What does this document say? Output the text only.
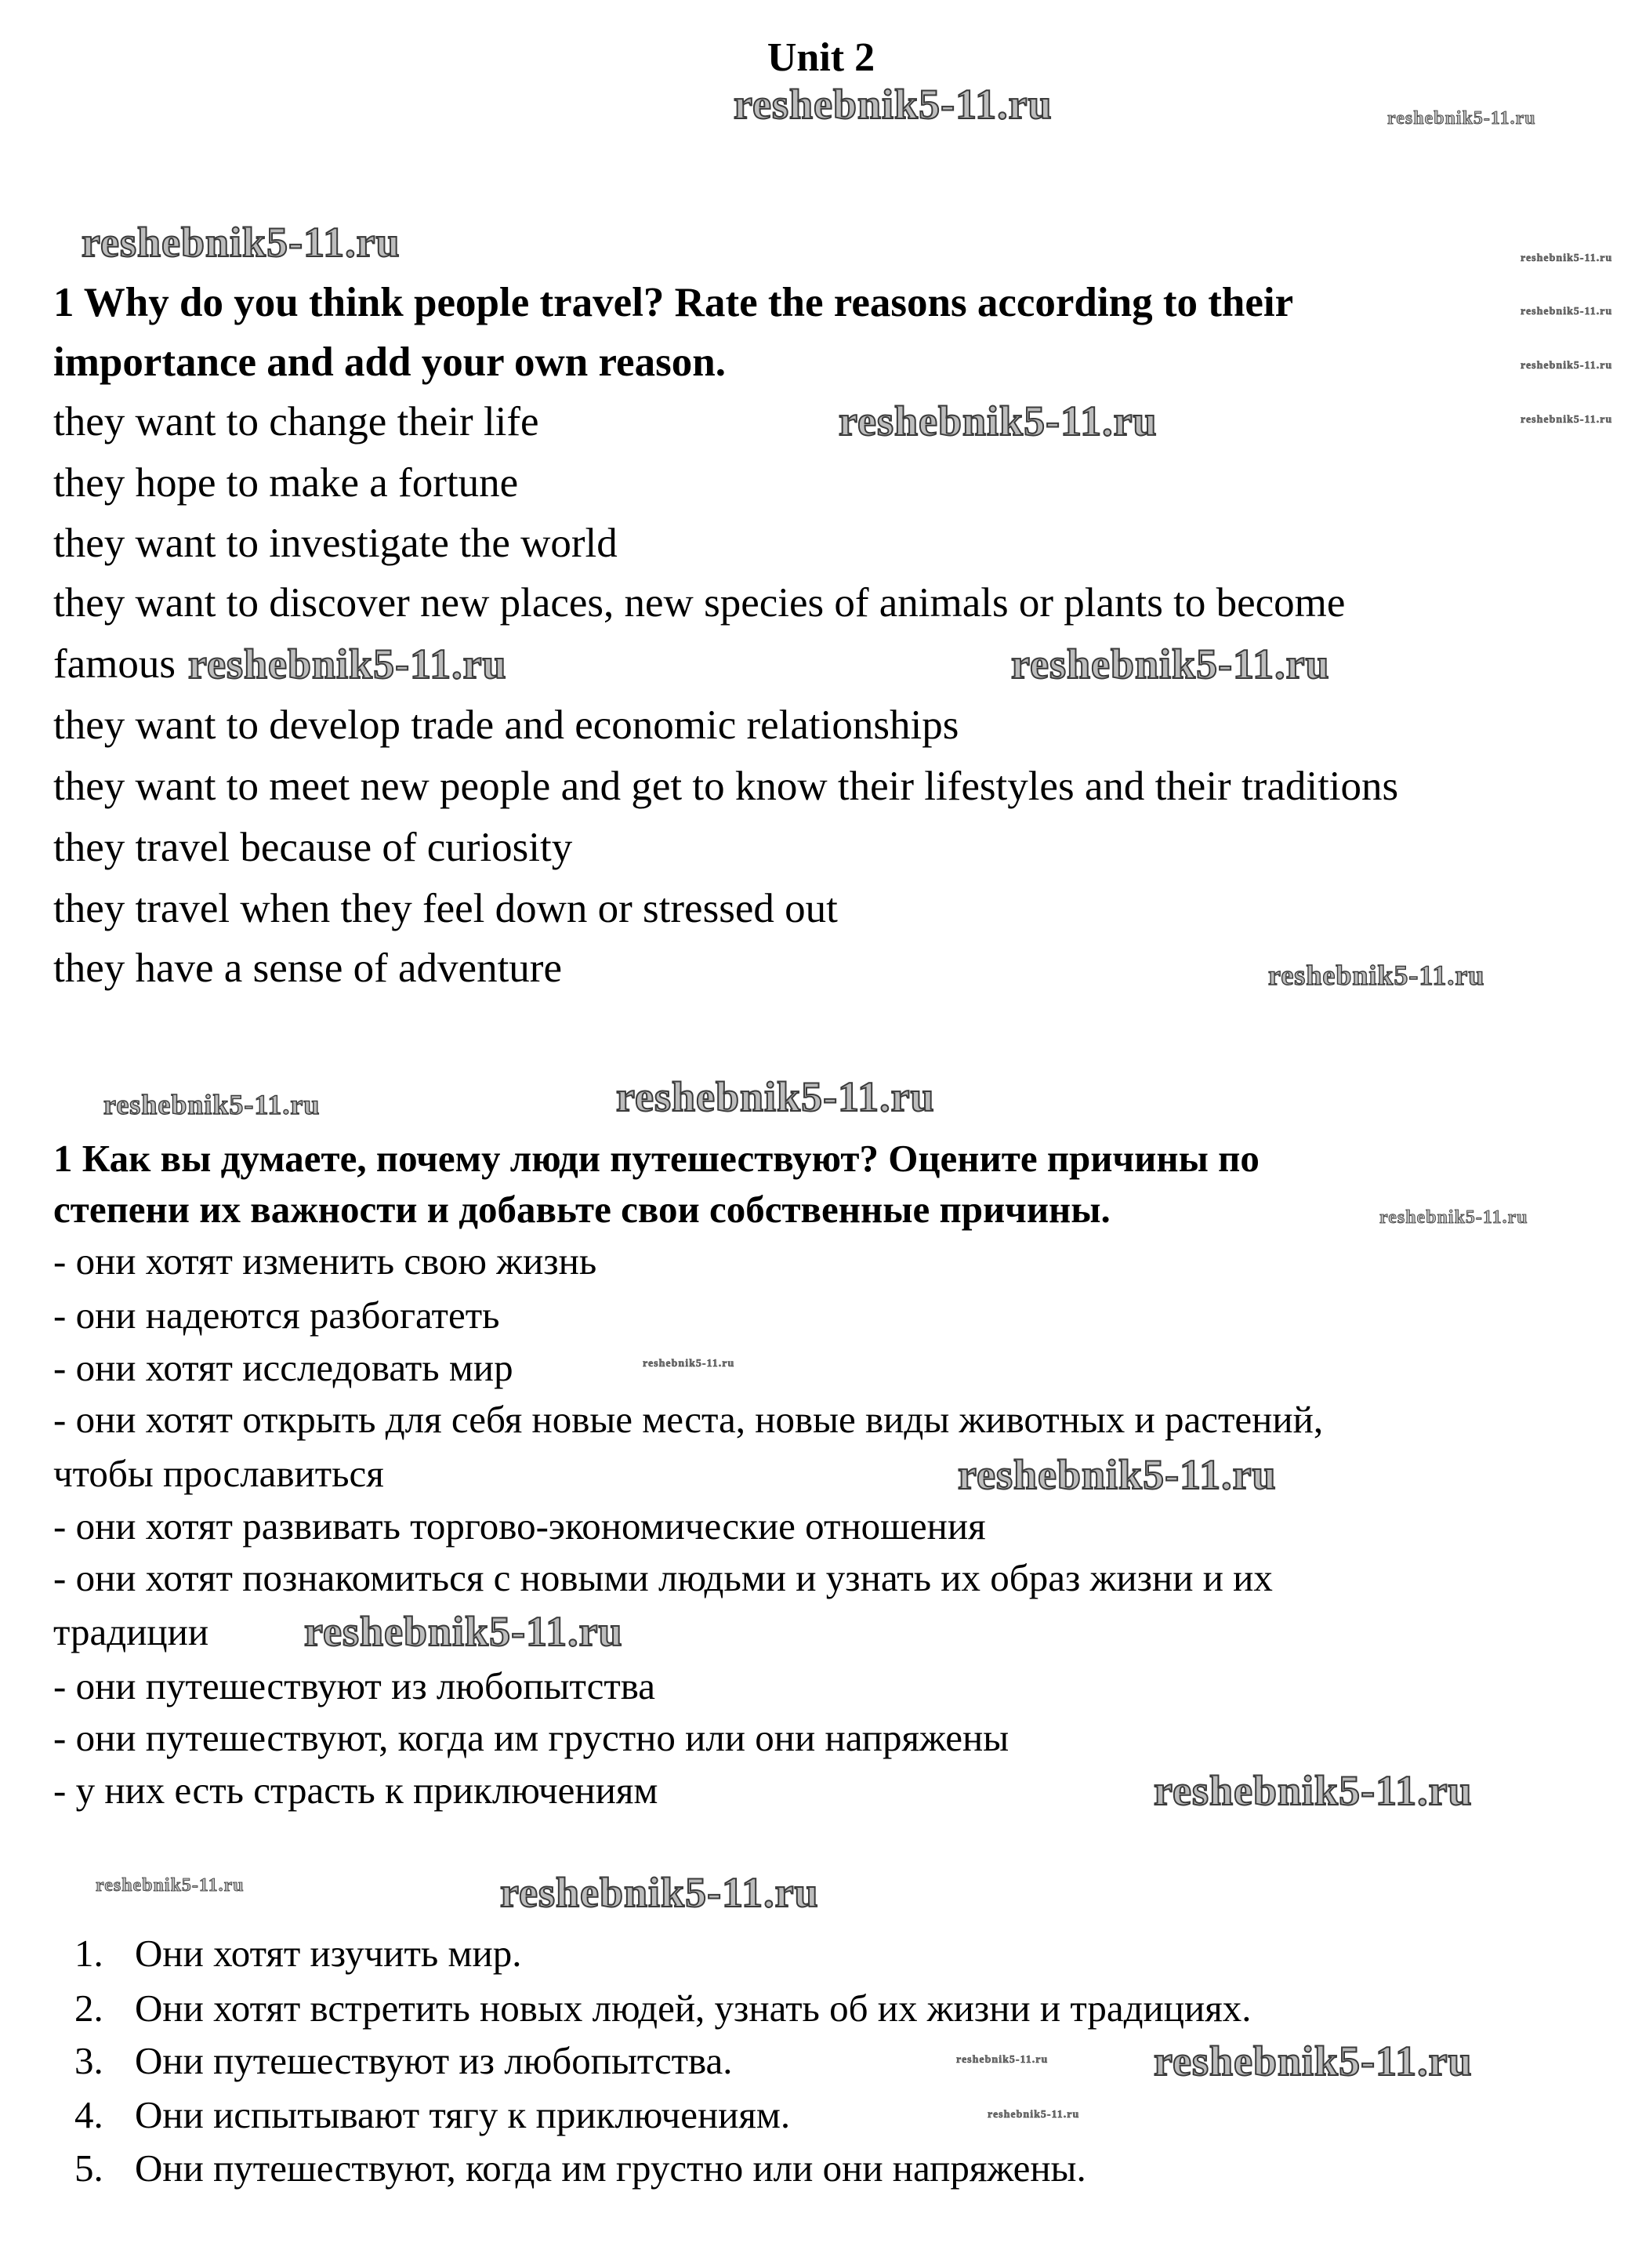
reshebnik5-11.ru	reshebnik5-11.ru
reshebnik5-11.ru	reshebnik5-11.ru
reshebnik5-11.ru
reshebnik5-11.ru
reshebnik5-11.ru
reshebnik5-11.ru
reshebnik5-11.ru	reshebnik5-11.ru
reshebnik5-11.ru
reshebnik5-11.ru	reshebnik5-11.ru
reshebnik5-11.ru
reshebnik5-11.ru
reshebnik5-11.ru
reshebnik5-11.ru
reshebnik5-11.ru
reshebnik5-11.ru	reshebnik5-11.ru
reshebnik5-11.ru reshebnik5-11.ru
reshebnik5-11.ru
Unit 2
1 Why do you think people travel? Rate the reasons according to their
importance and add your own reason.
they want to change their life
they hope to make a fortune
they want to investigate the world
they want to discover new places, new species of animals or plants to become
famous
they want to develop trade and economic relationships
they want to meet new people and get to know their lifestyles and their traditions
they travel because of curiosity
they travel when they feel down or stressed out
they have a sense of adventure
1 Как вы думаете, почему люди путешествуют? Оцените причины по
степени их важности и добавьте свои собственные причины.
- они хотят изменить свою жизнь
- они надеются разбогатеть
- они хотят исследовать мир
- они хотят открыть для себя новые места, новые виды животных и растений,
чтобы прославиться
- они хотят развивать торгово-экономические отношения
- они хотят познакомиться с новыми людьми и узнать их образ жизни и их
традиции
- они путешествуют из любопытства
- они путешествуют, когда им грустно или они напряжены
- у них есть страсть к приключениям
1. Они хотят изучить мир.
2. Они хотят встретить новых людей, узнать об их жизни и традициях.
3. Они путешествуют из любопытства.
4. Они испытывают тягу к приключениям.
5. Они путешествуют, когда им грустно или они напряжены.
